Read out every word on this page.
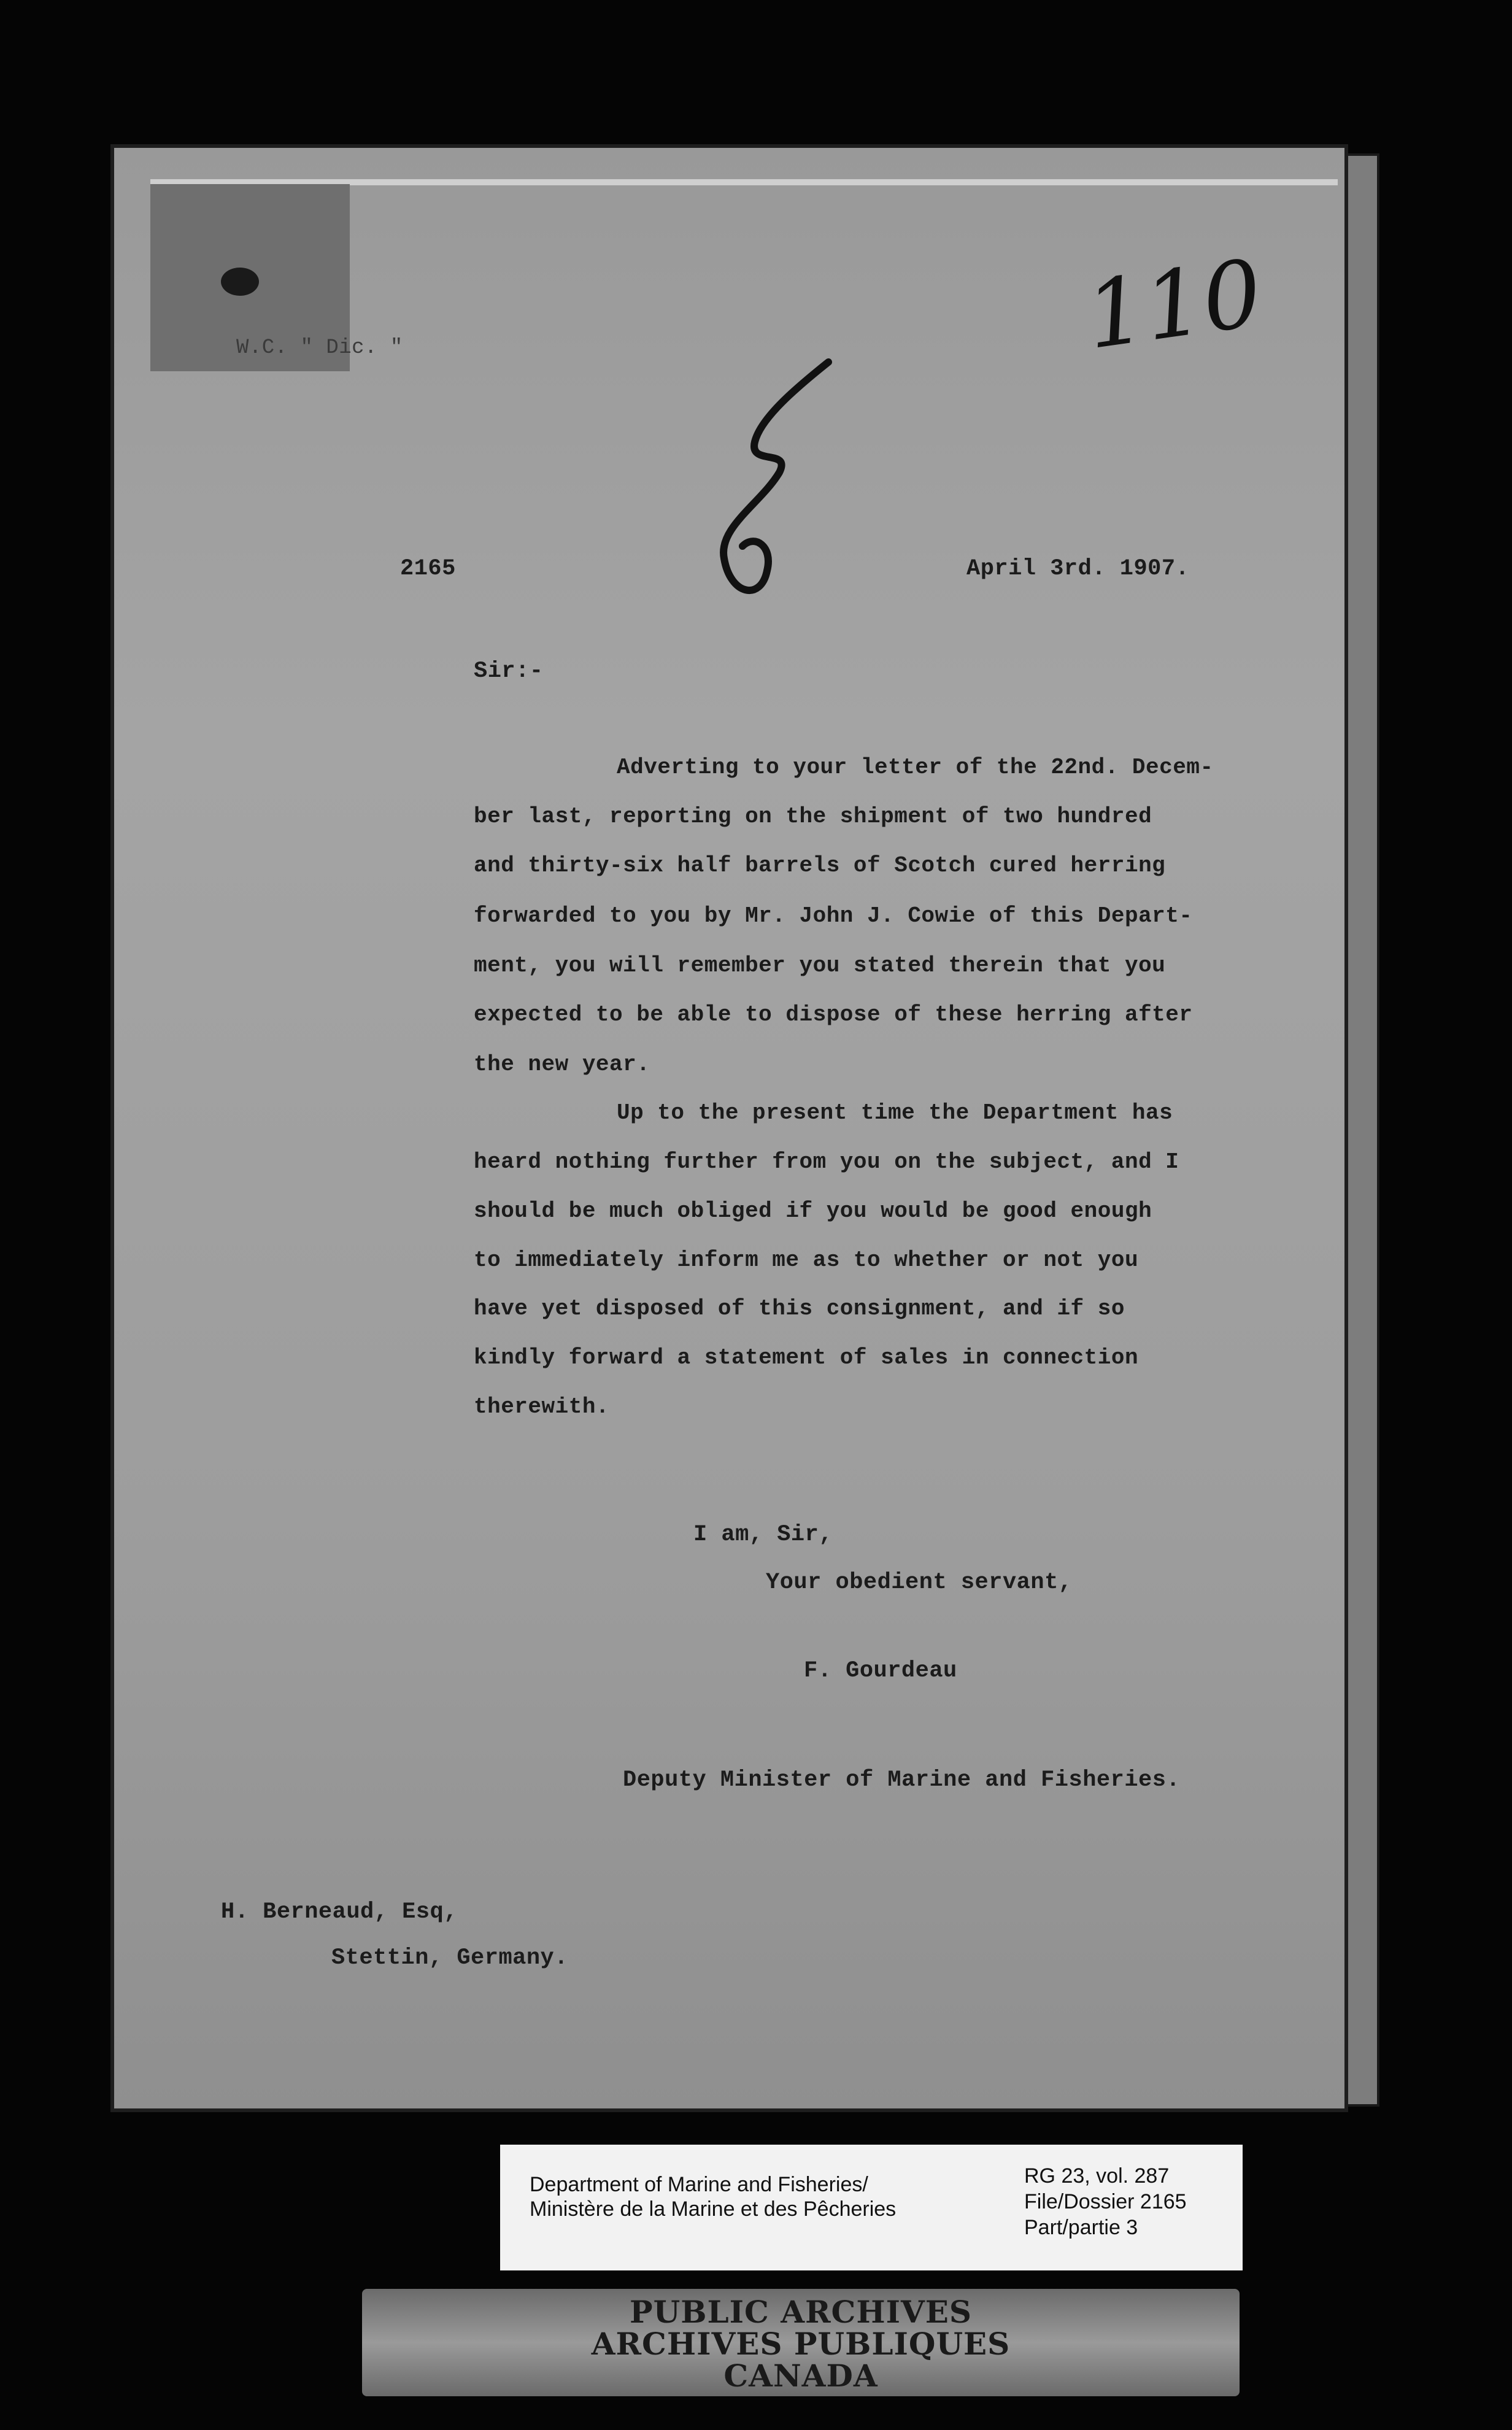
W.C. " Dic. "	110
2165	April 3rd. 1907.
Sir:-
Adverting to your letter of the 22nd. Decem-
ber last, reporting on the shipment of two hundred
and thirty-six half barrels of Scotch cured herring
forwarded to you by Mr. John J. Cowie of this Depart-
ment, you will remember you stated therein that you
expected to be able to dispose of these herring after
the new year.
Up to the present time the Department has
heard nothing further from you on the subject, and I
should be much obliged if you would be good enough
to immediately inform me as to whether or not you
have yet disposed of this consignment, and if so
kindly forward a statement of sales in connection
therewith.
I am, Sir,
Your obedient servant,
F. Gourdeau
Deputy Minister of Marine and Fisheries.
H. Berneaud, Esq,
Stettin, Germany.
Department of Marine and Fisheries/
Ministère de la Marine et des Pêcheries
RG 23, vol. 287
File/Dossier 2165
Part/partie 3
PUBLIC ARCHIVES
ARCHIVES PUBLIQUES
CANADA
